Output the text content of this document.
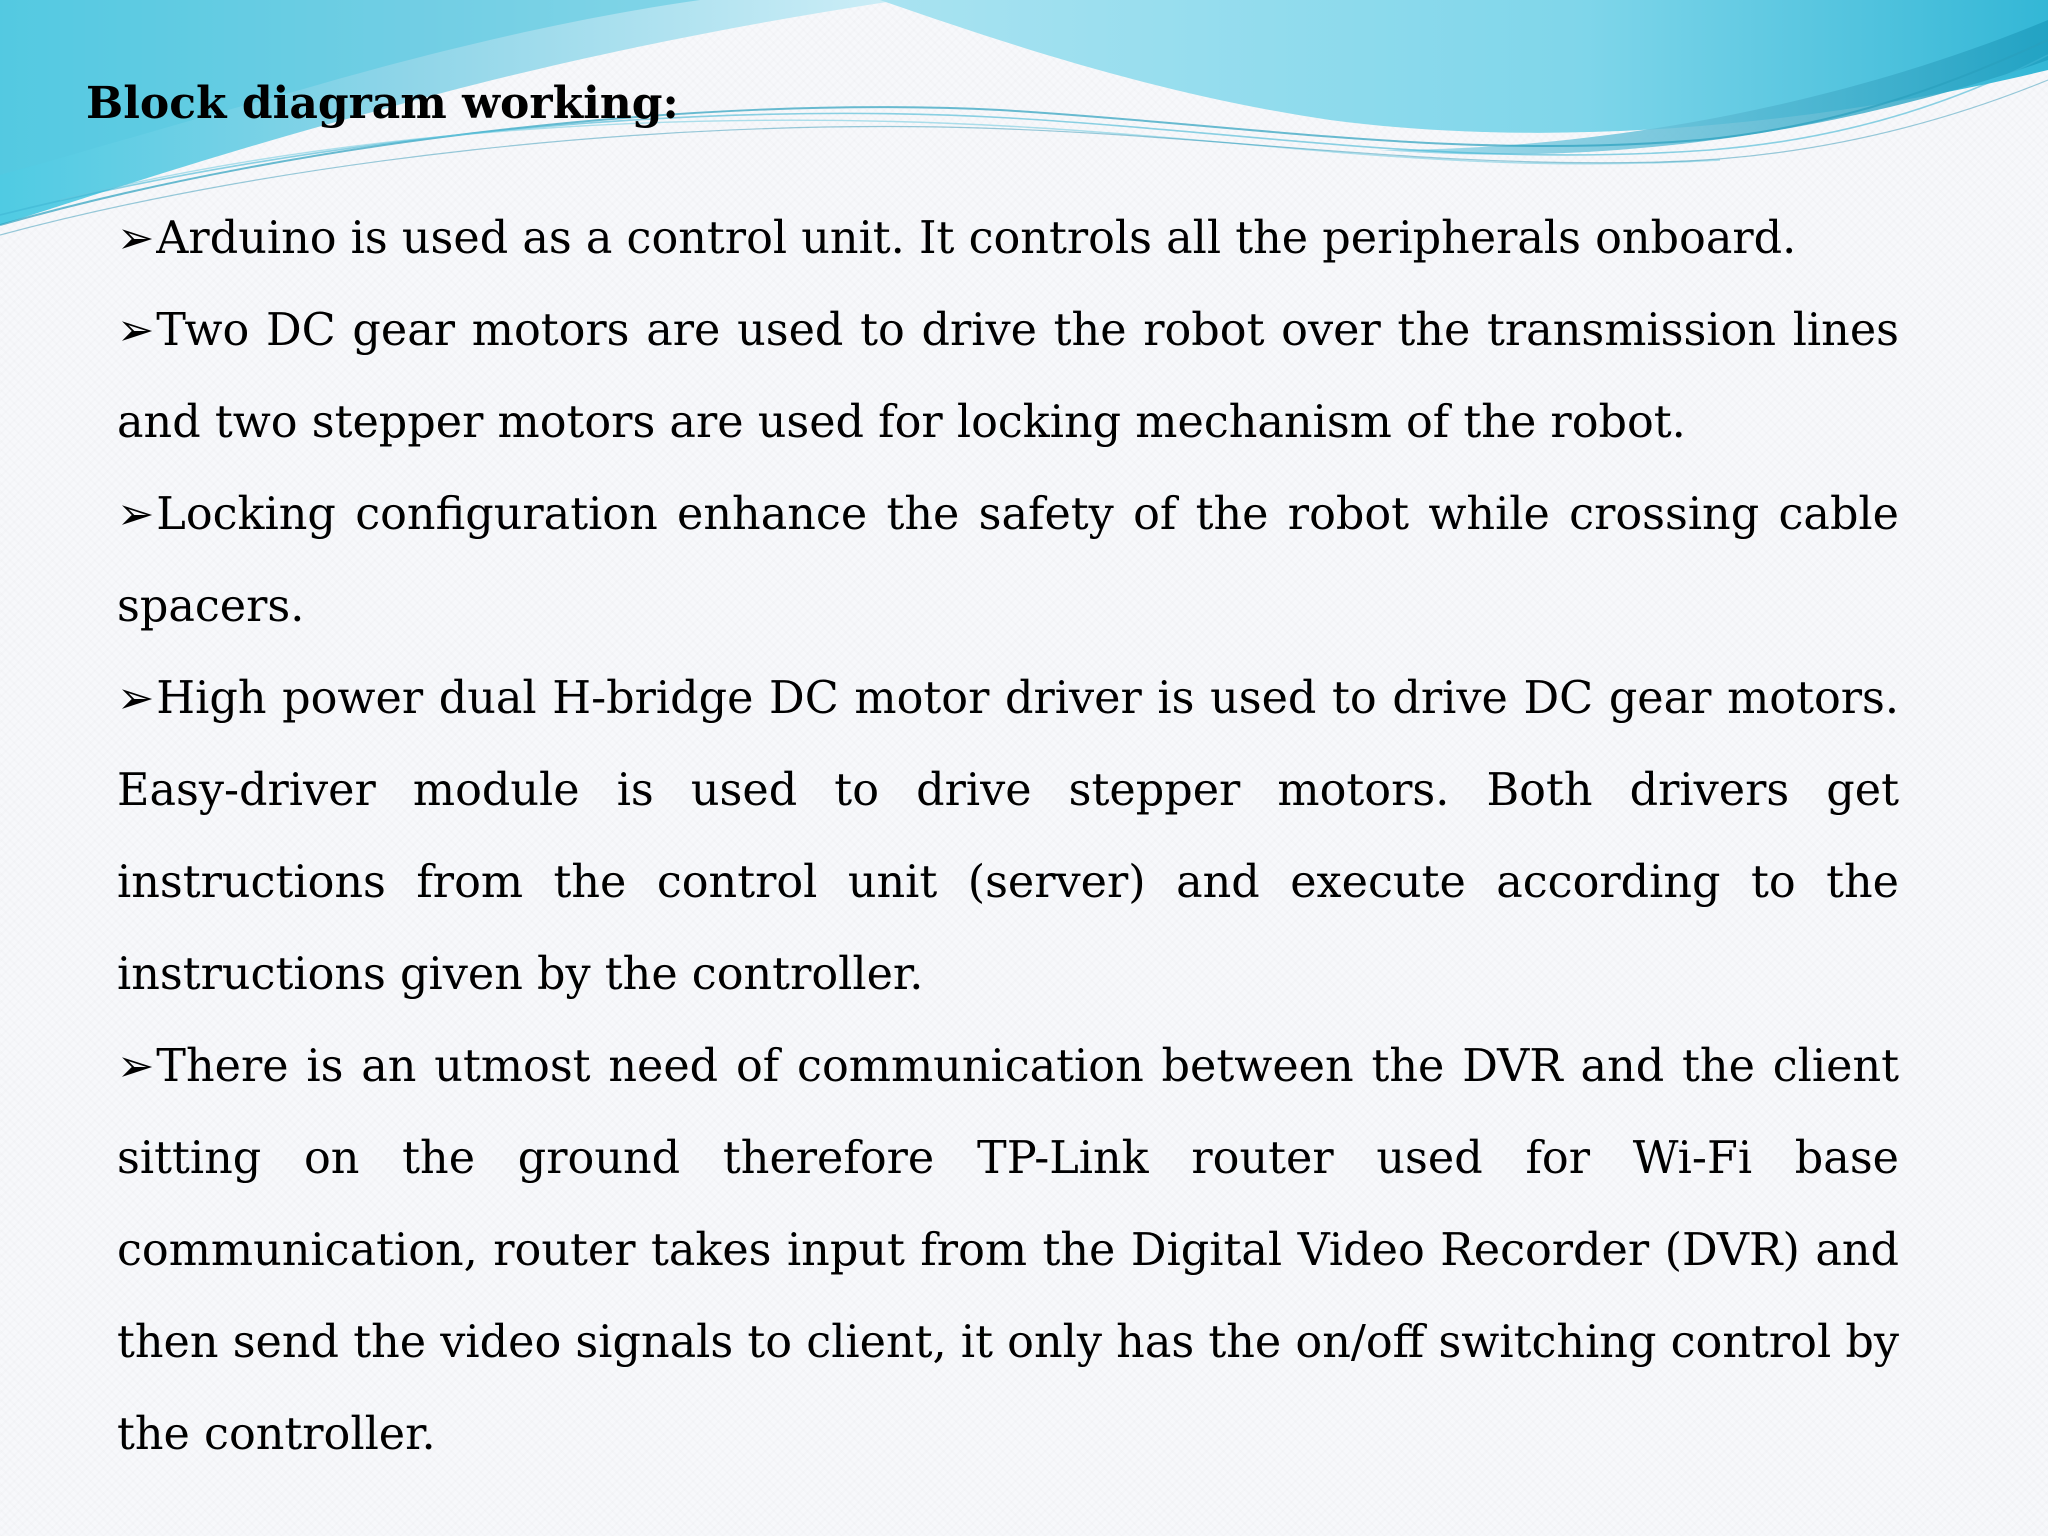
Block diagram working:

➢Arduino is used as a control unit. It controls all the peripherals onboard.

➢Two DC gear motors are used to drive the robot over the transmission lines and two stepper motors are used for locking mechanism of the robot.

➢Locking configuration enhance the safety of the robot while crossing cable spacers.

➢High power dual H-bridge DC motor driver is used to drive DC gear motors. Easy-driver module is used to drive stepper motors. Both drivers get instructions from the control unit (server) and execute according to the instructions given by the controller.

➢There is an utmost need of communication between the DVR and the client sitting on the ground therefore TP-Link router used for Wi-Fi base communication, router takes input from the Digital Video Recorder (DVR) and then send the video signals to client, it only has the on/off switching control by the controller.
